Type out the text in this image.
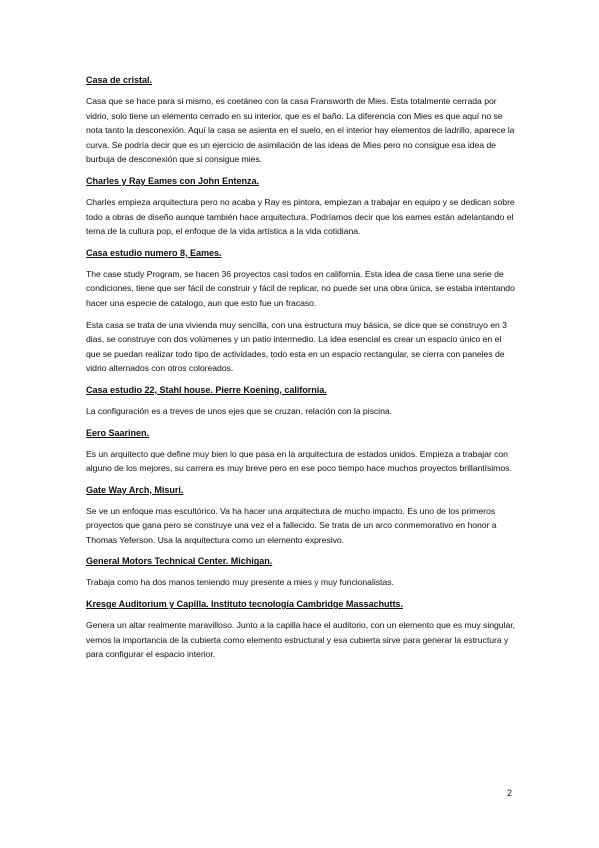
Casa de cristal.

Casa que se hace para si mismo, es coetáneo con la casa Fransworth de Mies. Esta totalmente cerrada por vidrio, solo tiene un elemento cerrado en su interior, que es el baño. La diferencia con Mies es que aquí no se nota tanto la desconexión. Aquí la casa se asienta en el suelo, en el interior hay elementos de ladrillo, aparece la curva. Se podría decir que es un ejercicio de asimilación de las ideas de Mies pero no consigue esa idea de burbuja de desconexión que si consigue mies.

Charles y Ray Eames con John Entenza.

Charles empieza arquitectura pero no acaba y Ray es pintora, empiezan a trabajar en equipo y se dedican sobre todo a obras de diseño aunque también hace arquitectura. Podríamos decir que los eames están adelantando el tema de la cultura pop, el enfoque de la vida artística a la vida cotidiana.

Casa estudio numero 8, Eames.

The case study Program, se hacen 36 proyectos casi todos en california. Esta idea de casa tiene una serie de condiciones, tiene que ser fácil de construir y fácil de replicar, no puede ser una obra única, se estaba intentando hacer una especie de catalogo, aun que esto fue un fracaso.

Esta casa se trata de una vivienda muy sencilla, con una estructura muy básica, se dice que se construyo en 3 dias, se construye con dos volúmenes y un patio intermedio. La idea esencial es crear un espacio único en el que se puedan realizar todo tipo de actividades, todo esta en un espacio rectangular, se cierra con paneles de vidrio alternados con otros coloreados.

Casa estudio 22, Stahl house. Pierre Koening, california.

La configuración es a treves de unos ejes que se cruzan, relación con la piscina.

Eero Saarinen.

Es un arquitecto que define muy bien lo que pasa en la arquitectura de estados unidos. Empieza a trabajar con alguno de los mejores, su carrera es muy breve pero en ese poco tiempo hace muchos proyectos brillantísimos.

Gate Way Arch, Misuri.

Se ve un enfoque mas escultórico. Va ha hacer una arquitectura de mucho impacto. Es uno de los primeros proyectos que gana pero se construye una vez el a fallecido. Se trata de un arco conmemorativo en honor a Thomas Yeferson. Usa la arquitectura como un elemento expresivo.

General Motors Technical Center. Michigan.

Trabaja como ha dos manos teniendo muy presente a mies y muy funcionalistas.

Kresge Auditorium y Capilla. Instituto tecnología Cambridge Massachutts.

Genera un altar realmente maravilloso. Junto a la capilla hace el auditorio, con un elemento que es muy singular, vemos la importancia de la cubierta como elemento estructural y esa cubierta sirve para generar la estructura y para configurar el espacio interior.

2
